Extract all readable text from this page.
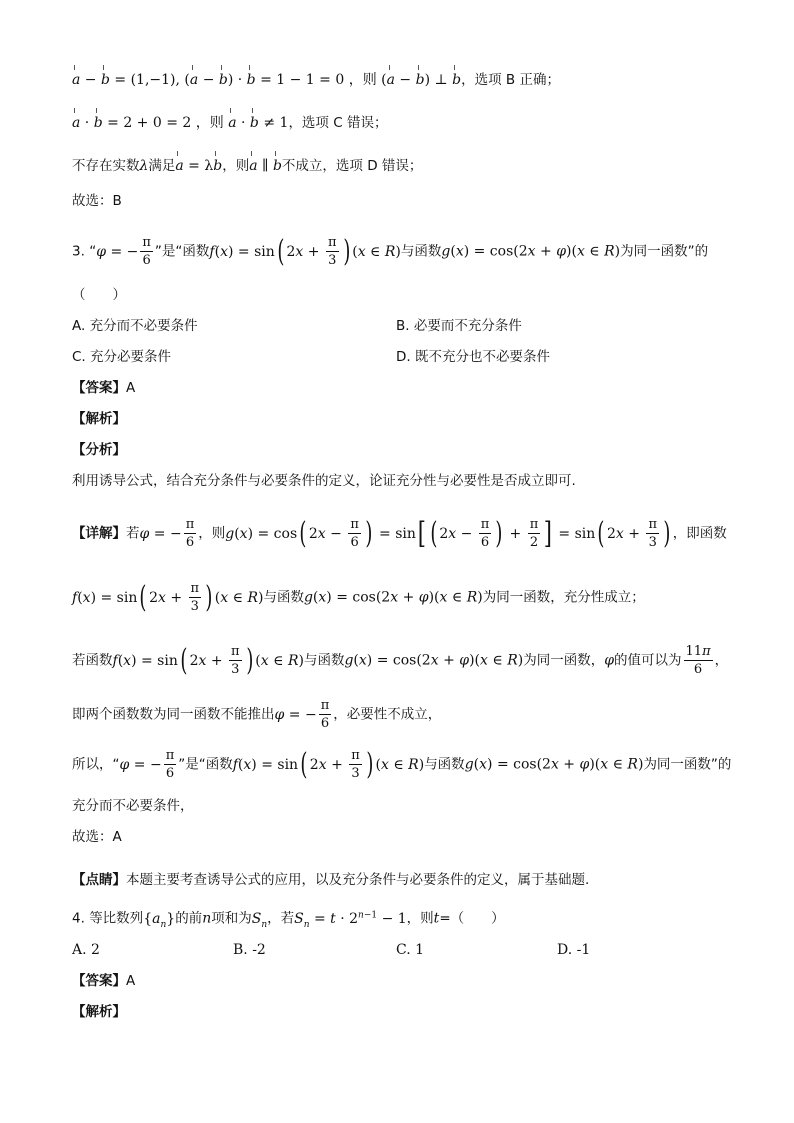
a − b = (1,−1), (a − b) · b = 1 − 1 = 0 ，则 (a − b) ⊥ b，选项 B 正确；
a · b = 2 + 0 = 2 ，则 a · b ≠ 1，选项 C 错误；
不存在实数λ满足a = λb，则a ∥ b不成立，选项 D 错误；
故选：B
3. “φ = − $\frac{\pi}{6}$ ”是“函数f(x) = sin( $2x + \frac{\pi}{3}$ ) (x ∈ R)与函数g(x) = cos(2x + φ)(x ∈ R)为同一函数”的
（　　）
A. 充分而不必要条件	B. 必要而不充分条件
C. 充分必要条件	D. 既不充分也不必要条件
【答案】A
【解析】
【分析】
利用诱导公式，结合充分条件与必要条件的定义，论证充分性与必要性是否成立即可.
【详解】若φ = − $\frac{\pi}{6}$ ，则g(x) = cos( $2x - \frac{\pi}{6}$ ) = sin[ ( $2x - \frac{\pi}{6}$ ) + $\frac{\pi}{2}$ ] = sin( $2x + \frac{\pi}{3}$ ) ，即函数
f(x) = sin( $2x + \frac{\pi}{3}$ ) (x ∈ R)与函数g(x) = cos(2x + φ)(x ∈ R)为同一函数，充分性成立；
若函数f(x) = sin( $2x + \frac{\pi}{3}$ ) (x ∈ R)与函数g(x) = cos(2x + φ)(x ∈ R)为同一函数，φ的值可以为 $\frac{11\pi}{6}$ ，
即两个函数数为同一函数不能推出φ = − $\frac{\pi}{6}$ ，必要性不成立，
所以，“φ = − $\frac{\pi}{6}$ ”是“函数f(x) = sin( $2x + \frac{\pi}{3}$ ) (x ∈ R)与函数g(x) = cos(2x + φ)(x ∈ R)为同一函数”的
充分而不必要条件，
故选：A
【点睛】本题主要考查诱导公式的应用，以及充分条件与必要条件的定义，属于基础题.
4. 等比数列$\{a_n\}$的前n项和为$S_n$，若$S_n = t \cdot 2^{n-1} - 1$，则t=（　　）
A. 2	B. -2	C. 1	D. -1
【答案】A
【解析】
